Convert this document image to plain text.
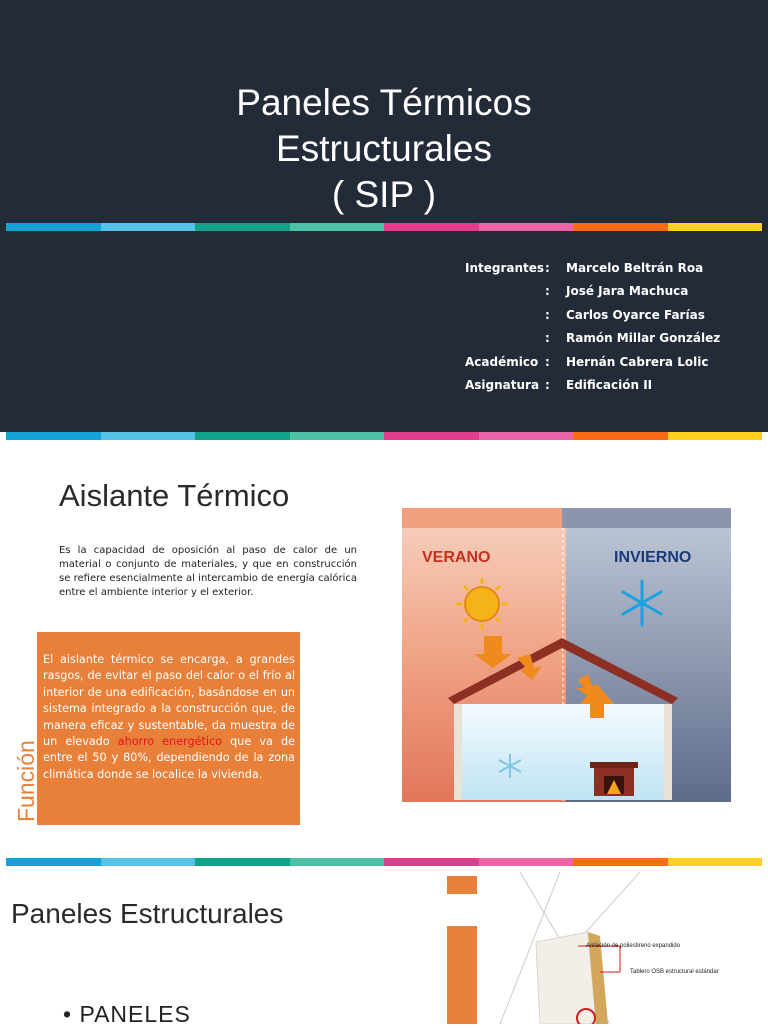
Paneles Térmicos
Estructurales
( SIP )
Integrantes :	Marcelo Beltrán Roa
:	José Jara Machuca
:	Carlos Oyarce Farías
:	Ramón Millar González
Académico :	Hernán Cabrera Lolic
Asignatura :	Edificación II
Aislante Térmico
Es la capacidad de oposición al paso de calor de un material o conjunto de materiales, y que en construcción se refiere esencialmente al intercambio de energía calórica entre el ambiente interior y el exterior.
El aislante térmico se encarga, a grandes rasgos, de evitar el paso del calor o el frío al interior de una edificación, basándose en un sistema integrado a la construcción que, de manera eficaz y sustentable, da muestra de un elevado ahorro energético que va de entre el 50 y 80%, dependiendo de la zona climática donde se localice la vivienda.
Función
VERANO	INVIERNO
Paneles Estructurales
• PANELES
Aislación de poliestireno expandido
Tablero OSB estructural estándar
